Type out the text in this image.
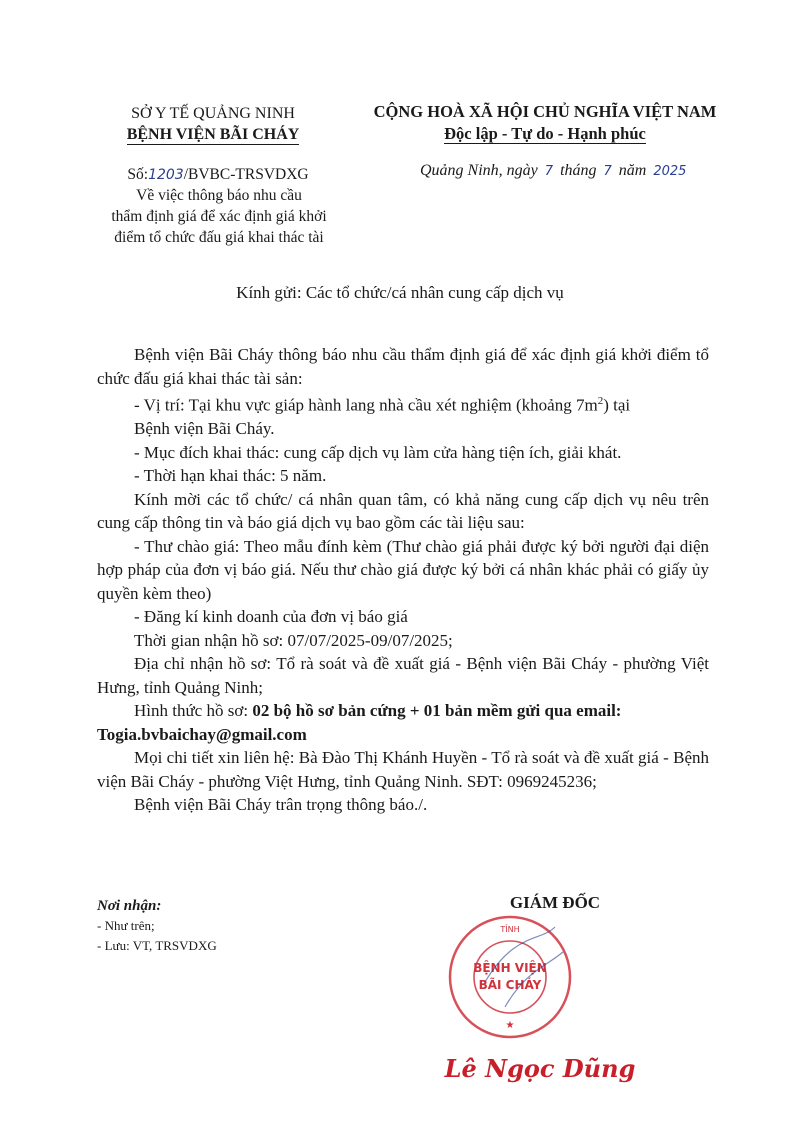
SỞ Y TẾ QUẢNG NINH
BỆNH VIỆN BÃI CHÁY
CỘNG HOÀ XÃ HỘI CHỦ NGHĨA VIỆT NAM
Độc lập - Tự do - Hạnh phúc
Số:1203/BVBC-TRSVDXG
Về việc thông báo nhu cầu
thẩm định giá để xác định giá khởi
điểm tổ chức đấu giá khai thác tài
Quảng Ninh, ngày 7 tháng 7 năm 2025
Kính gửi: Các tổ chức/cá nhân cung cấp dịch vụ

Bệnh viện Bãi Cháy thông báo nhu cầu thẩm định giá để xác định giá khởi điểm tổ chức đấu giá khai thác tài sản:

- Vị trí: Tại khu vực giáp hành lang nhà cầu xét nghiệm (khoảng $7m^2$) tại

Bệnh viện Bãi Cháy.

- Mục đích khai thác: cung cấp dịch vụ làm cửa hàng tiện ích, giải khát.

- Thời hạn khai thác: 5 năm.

Kính mời các tổ chức/ cá nhân quan tâm, có khả năng cung cấp dịch vụ nêu trên cung cấp thông tin và báo giá dịch vụ bao gồm các tài liệu sau:

- Thư chào giá: Theo mẫu đính kèm (Thư chào giá phải được ký bởi người đại diện hợp pháp của đơn vị báo giá. Nếu thư chào giá được ký bởi cá nhân khác phải có giấy ủy quyền kèm theo)

- Đăng kí kinh doanh của đơn vị báo giá

Thời gian nhận hồ sơ: 07/07/2025-09/07/2025;

Địa chỉ nhận hồ sơ: Tổ rà soát và đề xuất giá - Bệnh viện Bãi Cháy - phường Việt Hưng, tỉnh Quảng Ninh;

Hình thức hồ sơ: 02 bộ hồ sơ bản cứng + 01 bản mềm gửi qua email:
Togia.bvbaichay@gmail.com

Mọi chi tiết xin liên hệ: Bà Đào Thị Khánh Huyền - Tổ rà soát và đề xuất giá - Bệnh viện Bãi Cháy - phường Việt Hưng, tỉnh Quảng Ninh. SĐT: 0969245236;

Bệnh viện Bãi Cháy trân trọng thông báo./.

Nơi nhận:
- Như trên;
- Lưu: VT, TRSVDXG
GIÁM ĐỐC
TỈNH
BỆNH VIỆN
BÃI CHÁY
★
Lê Ngọc Dũng
